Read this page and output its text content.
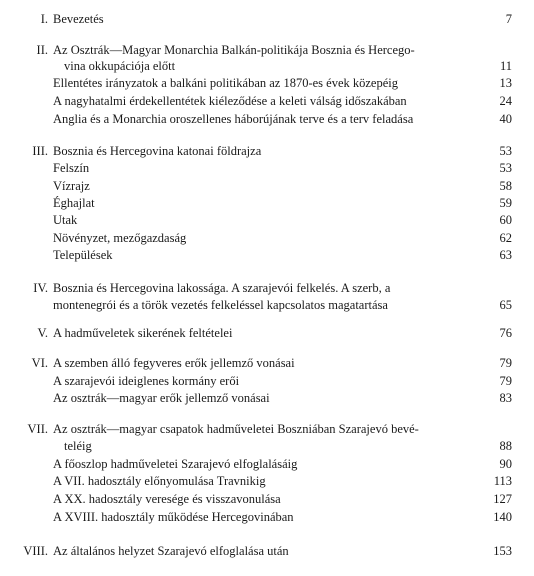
I. Bevezetés	7
II. Az Osztrák—Magyar Monarchia Balkán-politikája Bosznia és Hercego-
vina okkupációja előtt	11
Ellentétes irányzatok a balkáni politikában az 1870-es évek közepéig	13
A nagyhatalmi érdekellentétek kiéleződése a keleti válság időszakában	24
Anglia és a Monarchia oroszellenes háborújának terve és a terv feladása	40
III. Bosznia és Hercegovina katonai földrajza	53
Felszín	53
Vízrajz	58
Éghajlat	59
Utak	60
Növényzet, mezőgazdaság	62
Települések	63
IV. Bosznia és Hercegovina lakossága. A szarajevói felkelés. A szerb, a
montenegrói és a török vezetés felkeléssel kapcsolatos magatartása	65
V. A hadműveletek sikerének feltételei	76
VI. A szemben álló fegyveres erők jellemző vonásai	79
A szarajevói ideiglenes kormány erői	79
Az osztrák—magyar erők jellemző vonásai	83
VII. Az osztrák—magyar csapatok hadműveletei Boszniában Szarajevó bevé-
teléig	88
A főoszlop hadműveletei Szarajevó elfoglalásáig	90
A VII. hadosztály előnyomulása Travnikig	113
A XX. hadosztály veresége és visszavonulása	127
A XVIII. hadosztály működése Hercegovinában	140
VIII. Az általános helyzet Szarajevó elfoglalása után	153
